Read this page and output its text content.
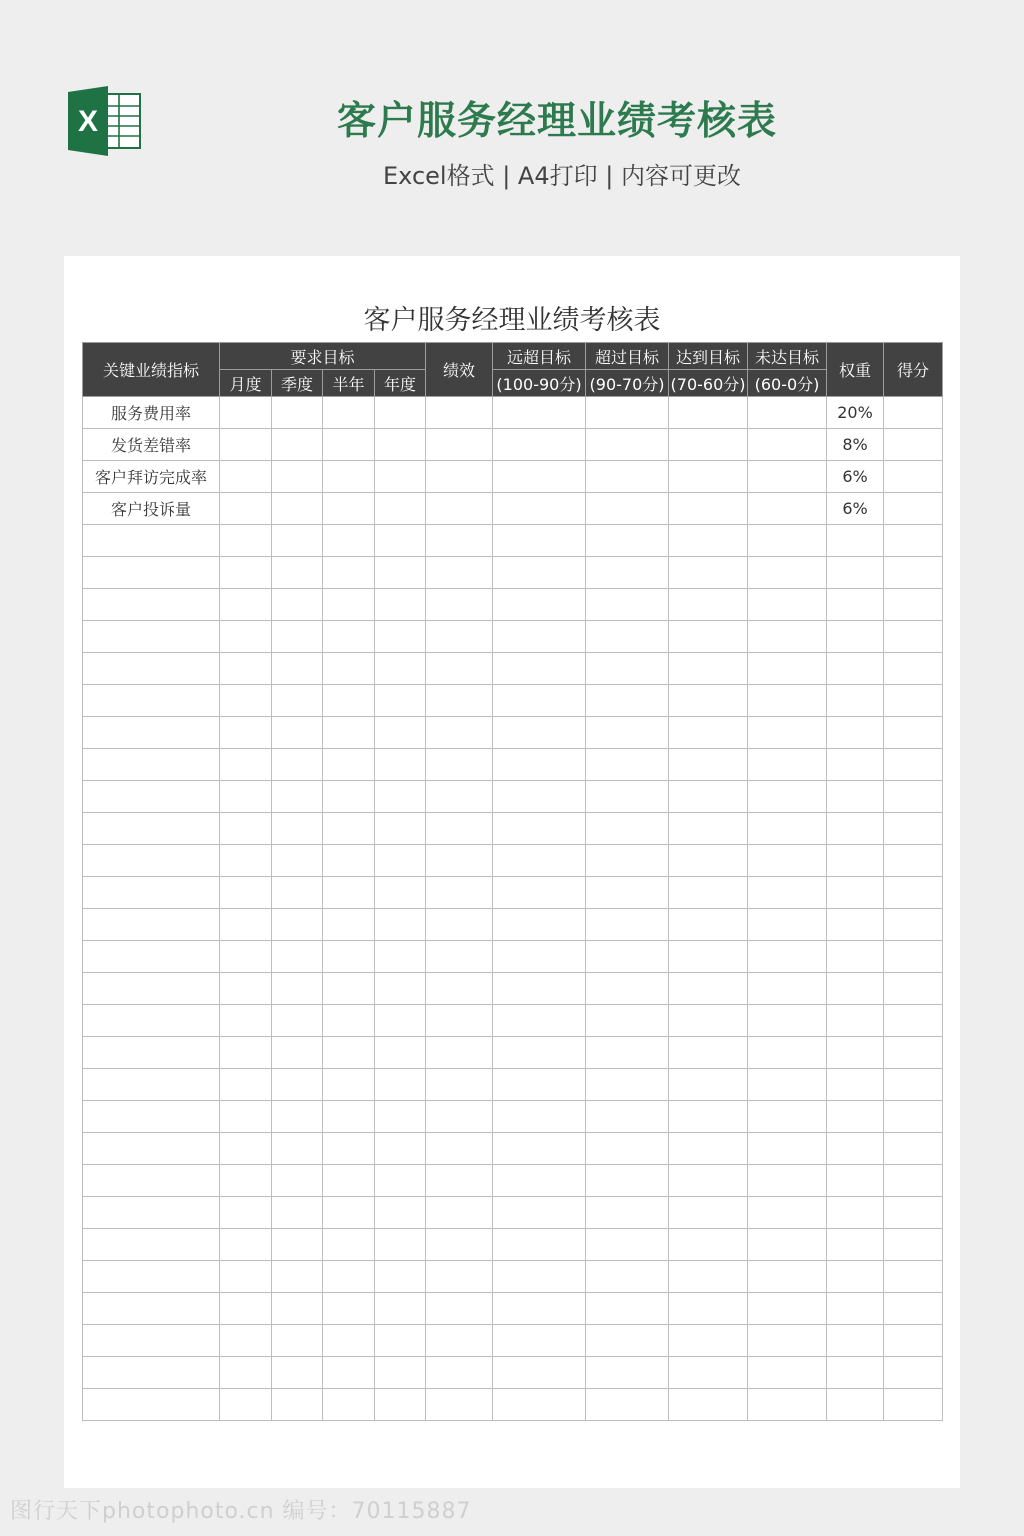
X	客户服务经理业绩考核表
Excel格式 | A4打印 | 内容可更改
客户服务经理业绩考核表
关键业绩指标	要求目标				绩效	远超目标	超过目标	达到目标	未达目标	权重	得分
	月度	季度	半年	年度		(100-90分)	(90-70分)	(70-60分)	(60-0分)		
服务费用率										20%	
发货差错率										8%	
客户拜访完成率										6%	
客户投诉量										6%	

图行天下photophoto.cn 编号：70115887
